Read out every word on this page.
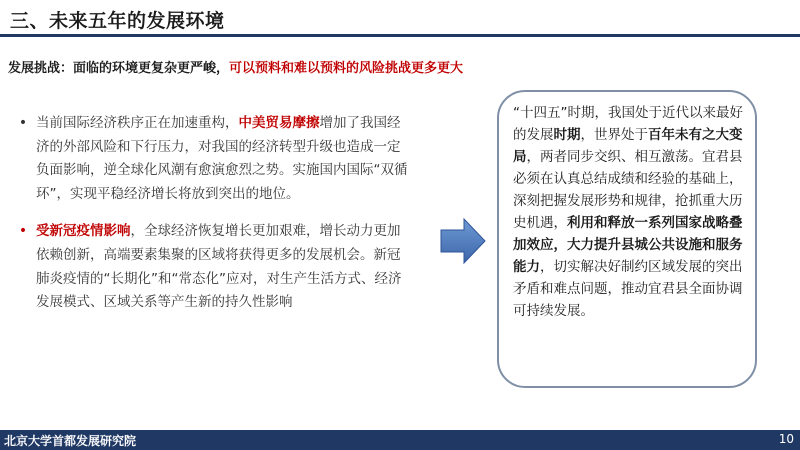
三、未来五年的发展环境
发展挑战：面临的环境更复杂更严峻，可以预料和难以预料的风险挑战更多更大
• 当前国际经济秩序正在加速重构，中美贸易摩擦增加了我国经济的外部风险和下行压力，对我国的经济转型升级也造成一定负面影响，逆全球化风潮有愈演愈烈之势。实施国内国际“双循环”，实现平稳经济增长将放到突出的地位。
• 受新冠疫情影响，全球经济恢复增长更加艰难，增长动力更加依赖创新，高端要素集聚的区域将获得更多的发展机会。新冠肺炎疫情的“长期化”和“常态化”应对，对生产生活方式、经济发展模式、区域关系等产生新的持久性影响
“十四五”时期，我国处于近代以来最好的发展时期，世界处于百年未有之大变局，两者同步交织、相互激荡。宜君县必须在认真总结成绩和经验的基础上，深刻把握发展形势和规律，抢抓重大历史机遇，利用和释放一系列国家战略叠加效应，大力提升县城公共设施和服务能力，切实解决好制约区域发展的突出矛盾和难点问题，推动宜君县全面协调可持续发展。
北京大学首都发展研究院	10
